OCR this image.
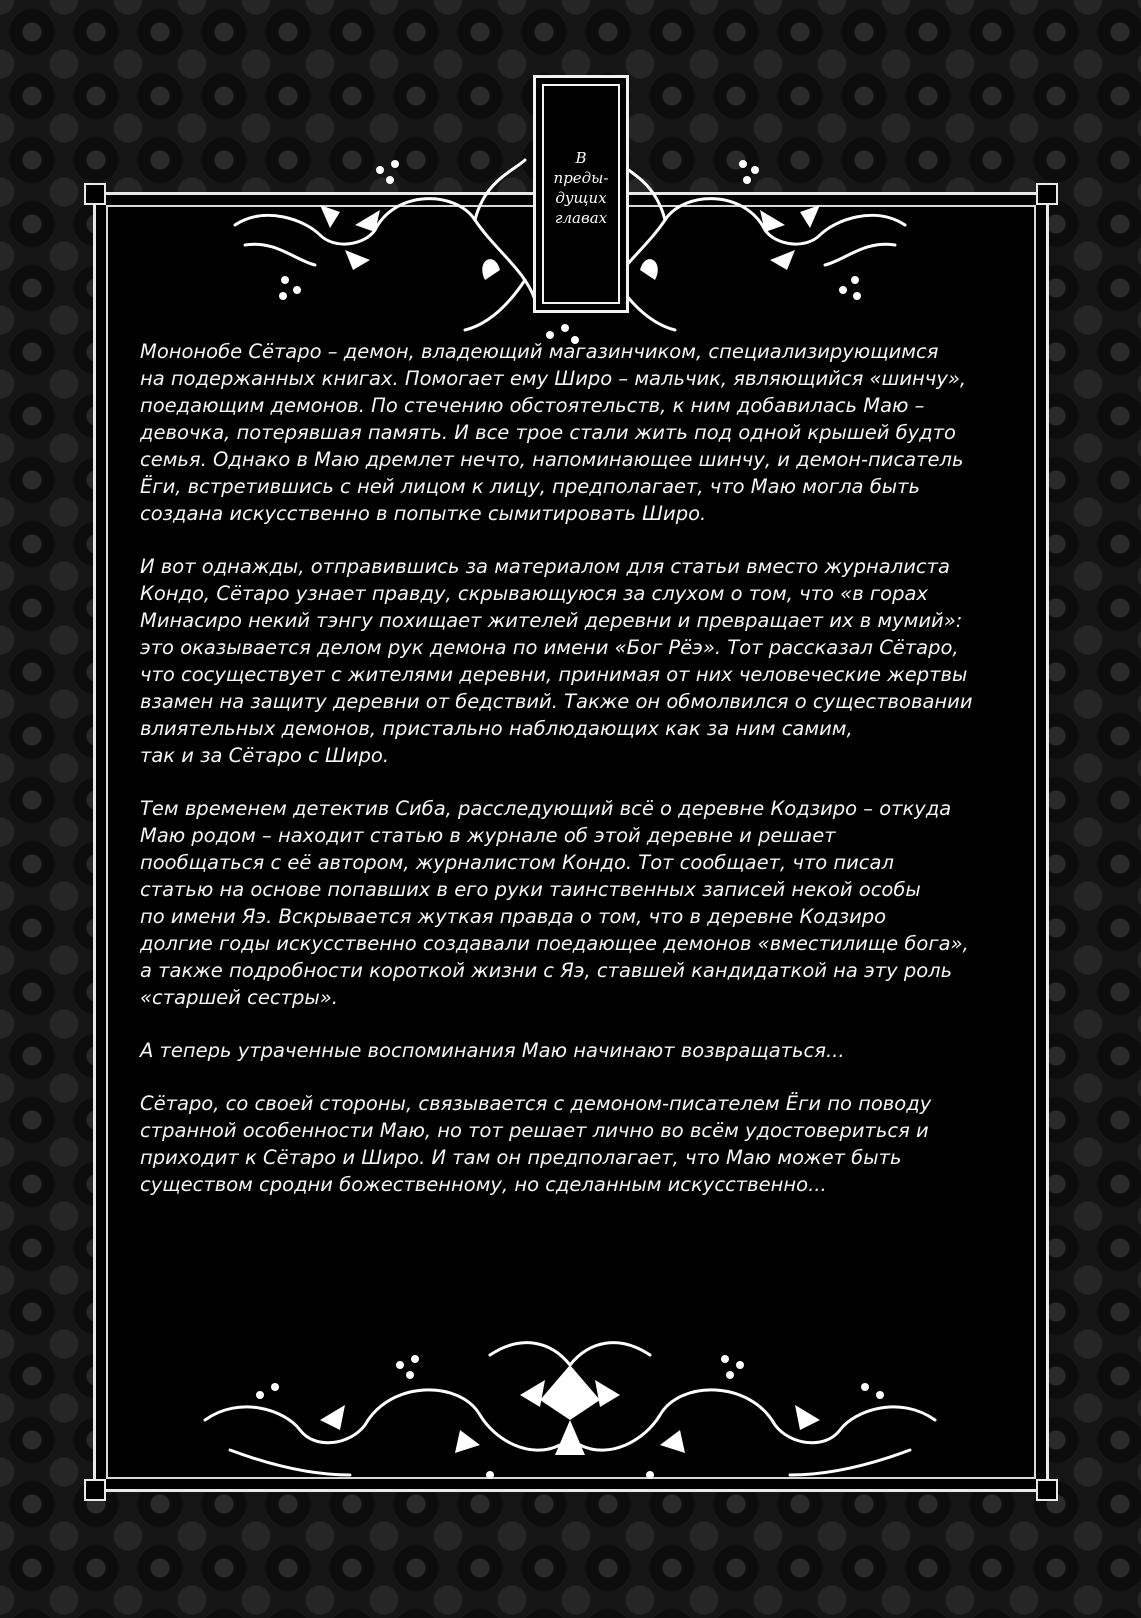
В
преды-
дущих
главах

Мононобе Сётаро – демон, владеющий магазинчиком, специализирующимся
на подержанных книгах. Помогает ему Широ – мальчик, являющийся «шинчу»,
поедающим демонов. По стечению обстоятельств, к ним добавилась Маю –
девочка, потерявшая память. И все трое стали жить под одной крышей будто
семья. Однако в Маю дремлет нечто, напоминающее шинчу, и демон-писатель
Ёги, встретившись с ней лицом к лицу, предполагает, что Маю могла быть
создана искусственно в попытке сымитировать Широ.

И вот однажды, отправившись за материалом для статьи вместо журналиста
Кондо, Сётаро узнает правду, скрывающуюся за слухом о том, что «в горах
Минасиро некий тэнгу похищает жителей деревни и превращает их в мумий»:
это оказывается делом рук демона по имени «Бог Рёэ». Тот рассказал Сётаро,
что сосуществует с жителями деревни, принимая от них человеческие жертвы
взамен на защиту деревни от бедствий. Также он обмолвился о существовании
влиятельных демонов, пристально наблюдающих как за ним самим,
так и за Сётаро с Широ.

Тем временем детектив Сиба, расследующий всё о деревне Кодзиро – откуда
Маю родом – находит статью в журнале об этой деревне и решает
пообщаться с её автором, журналистом Кондо. Тот сообщает, что писал
статью на основе попавших в его руки таинственных записей некой особы
по имени Яэ. Вскрывается жуткая правда о том, что в деревне Кодзиро
долгие годы искусственно создавали поедающее демонов «вместилище бога»,
а также подробности короткой жизни с Яэ, ставшей кандидаткой на эту роль
«старшей сестры».

А теперь утраченные воспоминания Маю начинают возвращаться...

Сётаро, со своей стороны, связывается с демоном-писателем Ёги по поводу
странной особенности Маю, но тот решает лично во всём удостовериться и
приходит к Сётаро и Широ. И там он предполагает, что Маю может быть
существом сродни божественному, но сделанным искусственно...
